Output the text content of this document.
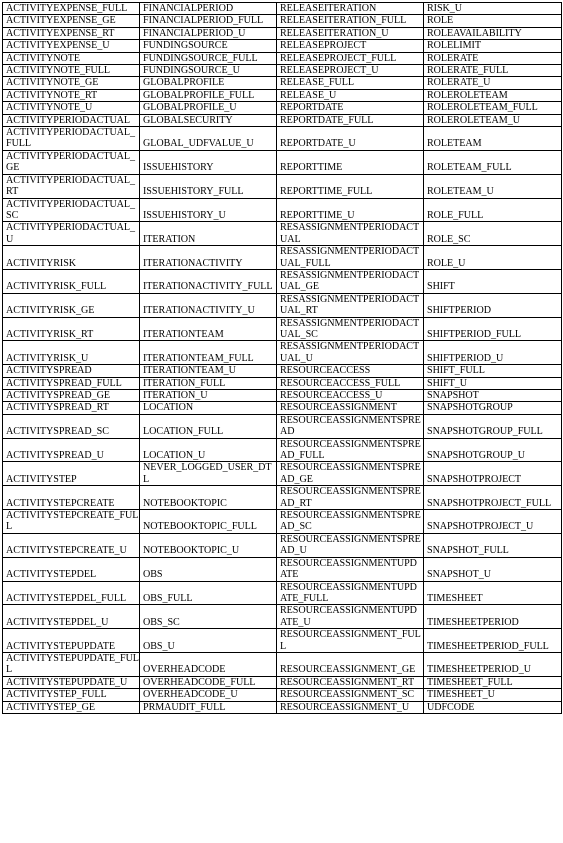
ACTIVITYEXPENSE_FULL	FINANCIALPERIOD	RELEASEITERATION	RISK_U
ACTIVITYEXPENSE_GE	FINANCIALPERIOD_FULL	RELEASEITERATION_FULL	ROLE
ACTIVITYEXPENSE_RT	FINANCIALPERIOD_U	RELEASEITERATION_U	ROLEAVAILABILITY
ACTIVITYEXPENSE_U	FUNDINGSOURCE	RELEASEPROJECT	ROLELIMIT
ACTIVITYNOTE	FUNDINGSOURCE_FULL	RELEASEPROJECT_FULL	ROLERATE
ACTIVITYNOTE_FULL	FUNDINGSOURCE_U	RELEASEPROJECT_U	ROLERATE_FULL
ACTIVITYNOTE_GE	GLOBALPROFILE	RELEASE_FULL	ROLERATE_U
ACTIVITYNOTE_RT	GLOBALPROFILE_FULL	RELEASE_U	ROLEROLETEAM
ACTIVITYNOTE_U	GLOBALPROFILE_U	REPORTDATE	ROLEROLETEAM_FULL
ACTIVITYPERIODACTUAL	GLOBALSECURITY	REPORTDATE_FULL	ROLEROLETEAM_U
ACTIVITYPERIODACTUAL_FULL	GLOBAL_UDFVALUE_U	REPORTDATE_U	ROLETEAM
ACTIVITYPERIODACTUAL_GE	ISSUEHISTORY	REPORTTIME	ROLETEAM_FULL
ACTIVITYPERIODACTUAL_RT	ISSUEHISTORY_FULL	REPORTTIME_FULL	ROLETEAM_U
ACTIVITYPERIODACTUAL_SC	ISSUEHISTORY_U	REPORTTIME_U	ROLE_FULL
ACTIVITYPERIODACTUAL_U	ITERATION	RESASSIGNMENTPERIODACTUAL	ROLE_SC
ACTIVITYRISK	ITERATIONACTIVITY	RESASSIGNMENTPERIODACTUAL_FULL	ROLE_U
ACTIVITYRISK_FULL	ITERATIONACTIVITY_FULL	RESASSIGNMENTPERIODACTUAL_GE	SHIFT
ACTIVITYRISK_GE	ITERATIONACTIVITY_U	RESASSIGNMENTPERIODACTUAL_RT	SHIFTPERIOD
ACTIVITYRISK_RT	ITERATIONTEAM	RESASSIGNMENTPERIODACTUAL_SC	SHIFTPERIOD_FULL
ACTIVITYRISK_U	ITERATIONTEAM_FULL	RESASSIGNMENTPERIODACTUAL_U	SHIFTPERIOD_U
ACTIVITYSPREAD	ITERATIONTEAM_U	RESOURCEACCESS	SHIFT_FULL
ACTIVITYSPREAD_FULL	ITERATION_FULL	RESOURCEACCESS_FULL	SHIFT_U
ACTIVITYSPREAD_GE	ITERATION_U	RESOURCEACCESS_U	SNAPSHOT
ACTIVITYSPREAD_RT	LOCATION	RESOURCEASSIGNMENT	SNAPSHOTGROUP
ACTIVITYSPREAD_SC	LOCATION_FULL	RESOURCEASSIGNMENTSPREAD	SNAPSHOTGROUP_FULL
ACTIVITYSPREAD_U	LOCATION_U	RESOURCEASSIGNMENTSPREAD_FULL	SNAPSHOTGROUP_U
ACTIVITYSTEP	NEVER_LOGGED_USER_DTL	RESOURCEASSIGNMENTSPREAD_GE	SNAPSHOTPROJECT
ACTIVITYSTEPCREATE	NOTEBOOKTOPIC	RESOURCEASSIGNMENTSPREAD_RT	SNAPSHOTPROJECT_FULL
ACTIVITYSTEPCREATE_FULL	NOTEBOOKTOPIC_FULL	RESOURCEASSIGNMENTSPREAD_SC	SNAPSHOTPROJECT_U
ACTIVITYSTEPCREATE_U	NOTEBOOKTOPIC_U	RESOURCEASSIGNMENTSPREAD_U	SNAPSHOT_FULL
ACTIVITYSTEPDEL	OBS	RESOURCEASSIGNMENTUPDATE	SNAPSHOT_U
ACTIVITYSTEPDEL_FULL	OBS_FULL	RESOURCEASSIGNMENTUPDATE_FULL	TIMESHEET
ACTIVITYSTEPDEL_U	OBS_SC	RESOURCEASSIGNMENTUPDATE_U	TIMESHEETPERIOD
ACTIVITYSTEPUPDATE	OBS_U	RESOURCEASSIGNMENT_FULL	TIMESHEETPERIOD_FULL
ACTIVITYSTEPUPDATE_FULL	OVERHEADCODE	RESOURCEASSIGNMENT_GE	TIMESHEETPERIOD_U
ACTIVITYSTEPUPDATE_U	OVERHEADCODE_FULL	RESOURCEASSIGNMENT_RT	TIMESHEET_FULL
ACTIVITYSTEP_FULL	OVERHEADCODE_U	RESOURCEASSIGNMENT_SC	TIMESHEET_U
ACTIVITYSTEP_GE	PRMAUDIT_FULL	RESOURCEASSIGNMENT_U	UDFCODE
